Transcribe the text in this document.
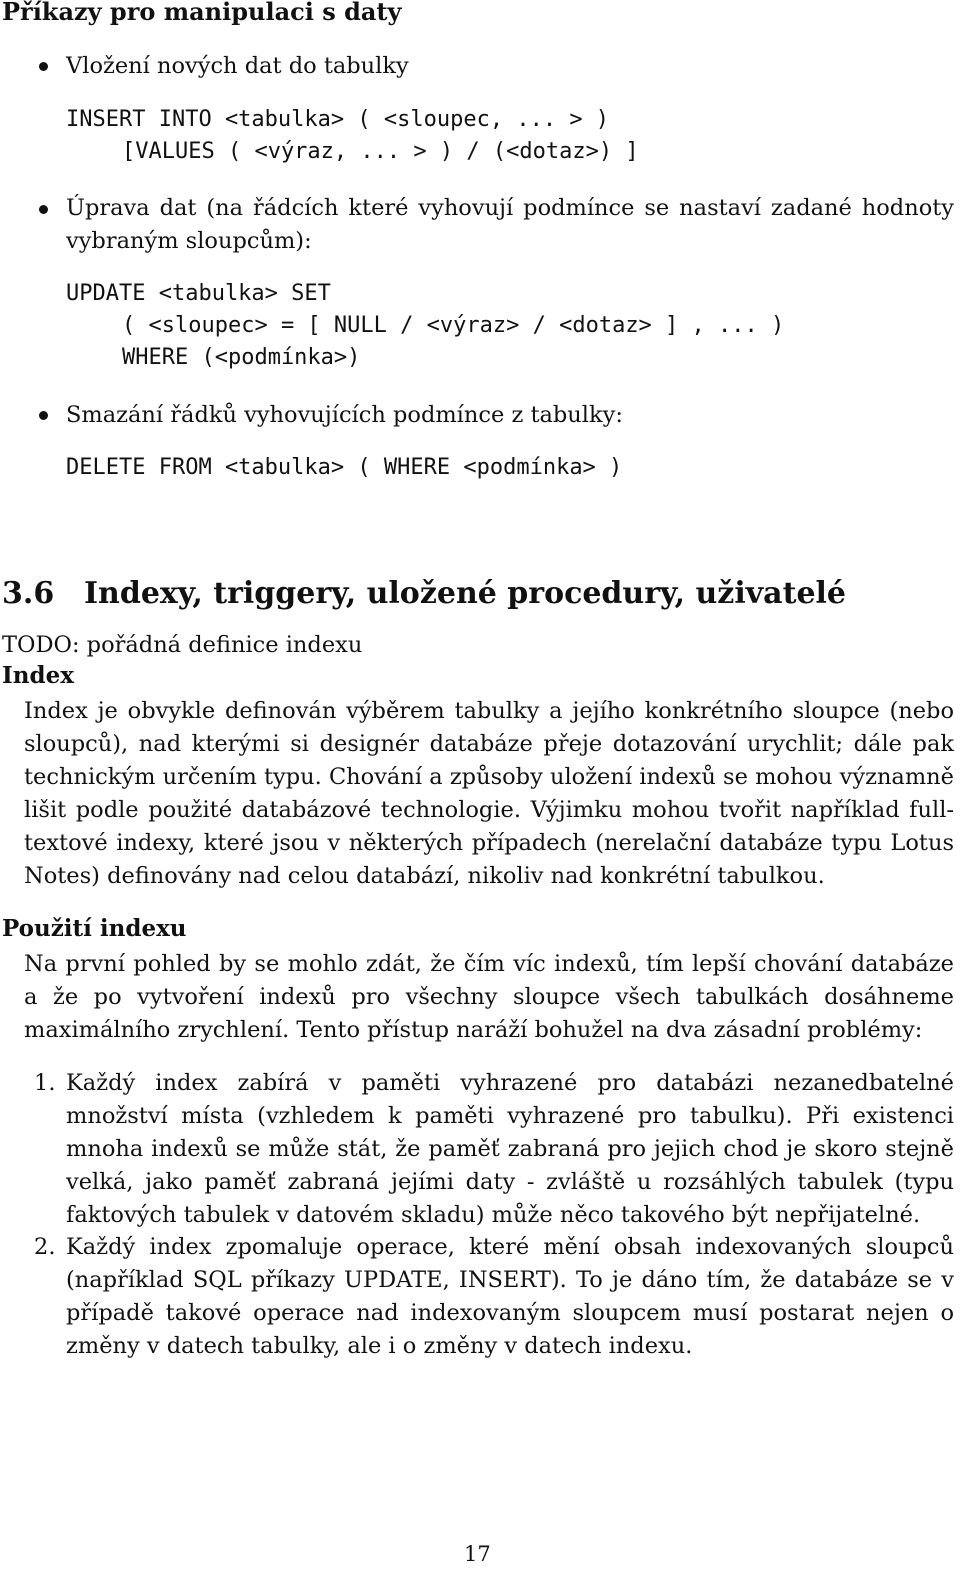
Příkazy pro manipulaci s daty
Vložení nových dat do tabulky
INSERT INTO <tabulka> ( <sloupec, ... > )
[VALUES ( <výraz, ... > ) / (<dotaz>) ]
Úprava dat (na řádcích které vyhovují podmínce se nastaví zadané hodnoty vybraným sloupcům):
UPDATE <tabulka> SET
( <sloupec> = [ NULL / <výraz> / <dotaz> ] , ... )
WHERE (<podmínka>)
Smazání řádků vyhovujících podmínce z tabulky:
DELETE FROM <tabulka> ( WHERE <podmínka> )
3.6 Indexy, triggery, uložené procedury, uživatelé
TODO: pořádná definice indexu
Index
Index je obvykle definován výběrem tabulky a jejího konkrétního sloupce (nebo sloupců), nad kterými si designér databáze přeje dotazování urychlit; dále pak technickým určením typu. Chování a způsoby uložení indexů se mohou významně lišit podle použité databázové technologie. Výjimku mohou tvořit například full-textové indexy, které jsou v některých případech (nerelační databáze typu Lotus Notes) definovány nad celou databází, nikoliv nad konkrétní tabulkou.
Použití indexu
Na první pohled by se mohlo zdát, že čím víc indexů, tím lepší chování databáze a že po vytvoření indexů pro všechny sloupce všech tabulkách dosáhneme maximálního zrychlení. Tento přístup naráží bohužel na dva zásadní problémy:
1. Každý index zabírá v paměti vyhrazené pro databázi nezanedbatelné množství místa (vzhledem k paměti vyhrazené pro tabulku). Při existenci mnoha indexů se může stát, že paměť zabraná pro jejich chod je skoro stejně velká, jako paměť zabraná jejími daty - zvláště u rozsáhlých tabulek (typu faktových tabulek v datovém skladu) může něco takového být nepřijatelné.
2. Každý index zpomaluje operace, které mění obsah indexovaných sloupců (například SQL příkazy UPDATE, INSERT). To je dáno tím, že databáze se v případě takové operace nad indexovaným sloupcem musí postarat nejen o změny v datech tabulky, ale i o změny v datech indexu.
17
